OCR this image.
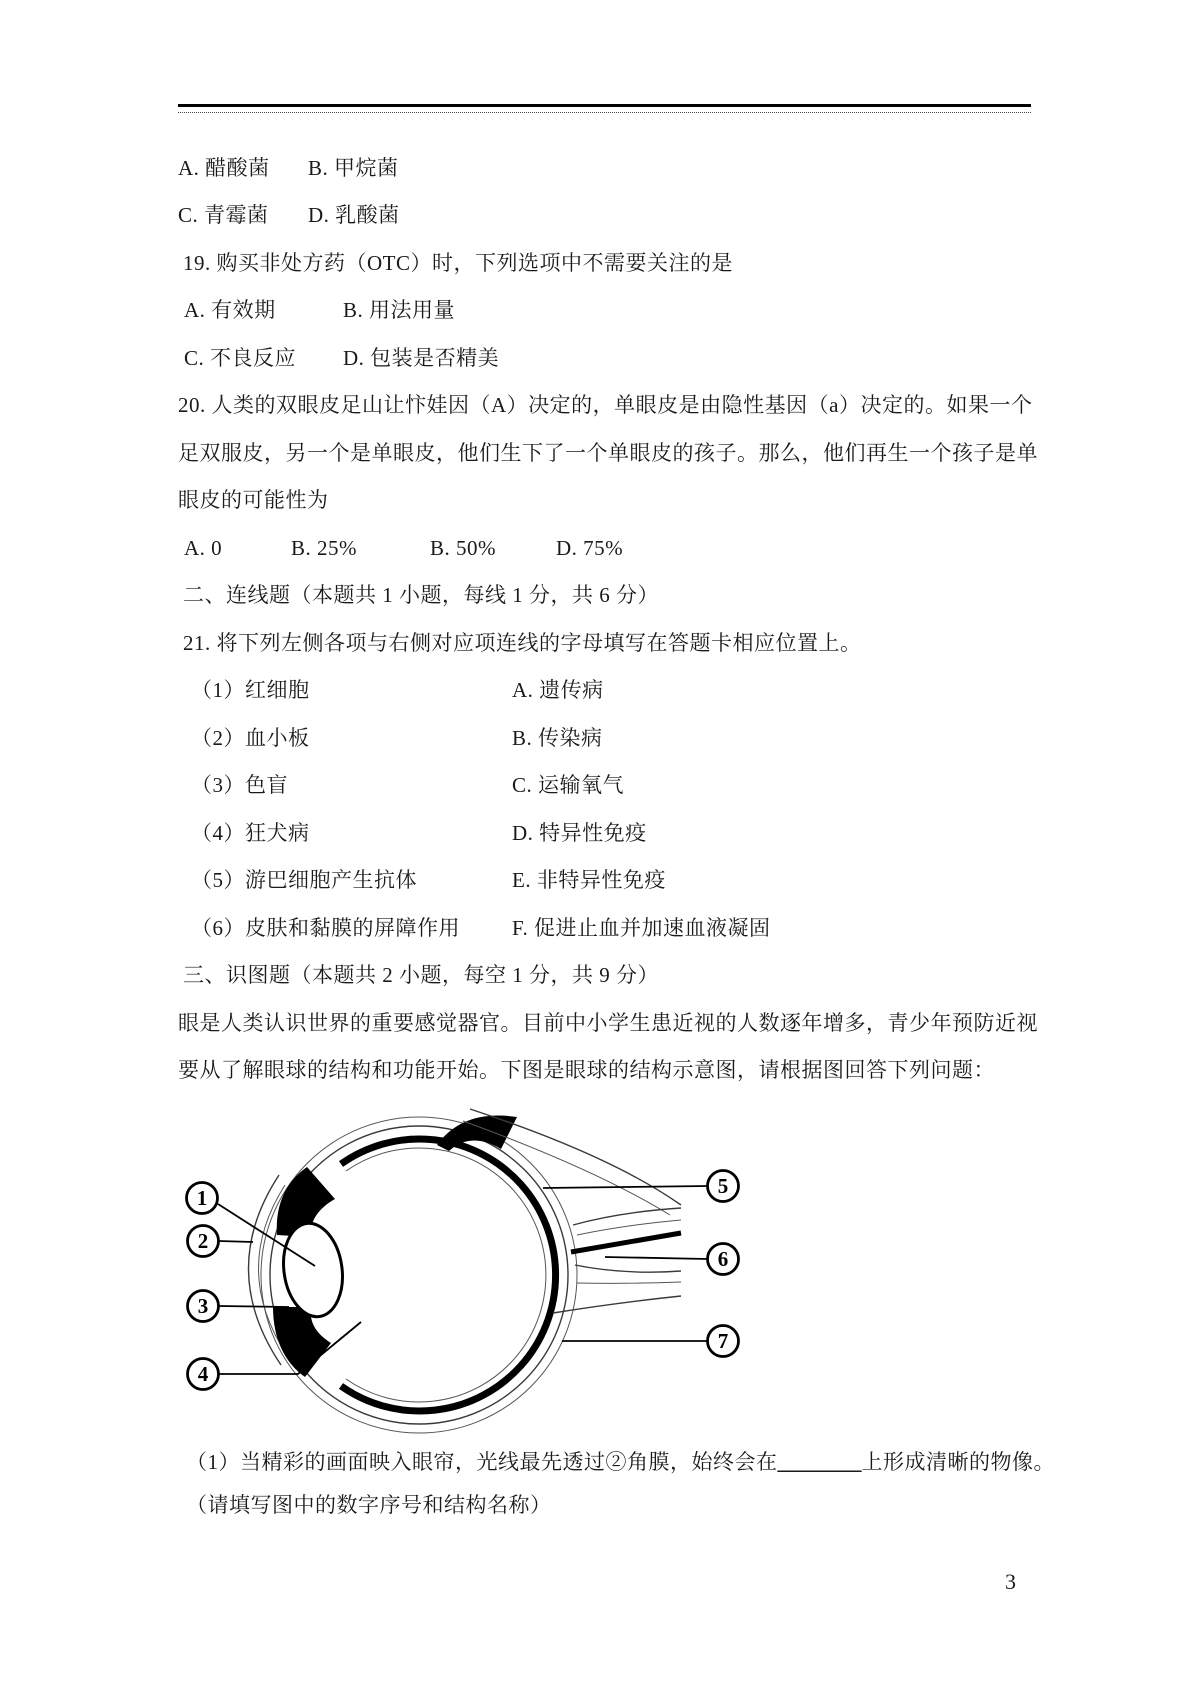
A. 醋酸菌 B. 甲烷菌
C. 青霉菌 D. 乳酸菌
19. 购买非处方药（OTC）时，下列选项中不需要关注的是
A. 有效期	B. 用法用量
C. 不良反应 D. 包装是否精美
20. 人类的双眼皮足山让忭娃因（A）决定的，单眼皮是由隐性基因（a）决定的。如果一个
足双服皮，另一个是单眼皮，他们生下了一个单眼皮的孩子。那么，他们再生一个孩子是单
眼皮的可能性为
A. 0	B. 25%	B. 50%	D. 75%
二、连线题（本题共 1 小题，每线 1 分，共 6 分）
21. 将下列左侧各项与右侧对应项连线的字母填写在答题卡相应位置上。
（1）红细胞	A. 遗传病
（2）血小板	B. 传染病
（3）色盲	C. 运输氧气
（4）狂犬病	D. 特异性免疫
（5）游巴细胞产生抗体	E. 非特异性免疫
（6）皮肤和黏膜的屏障作用 F. 促进止血并加速血液凝固
三、识图题（本题共 2 小题，每空 1 分，共 9 分）
眼是人类认识世界的重要感觉器官。目前中小学生患近视的人数逐年增多，青少年预防近视
要从了解眼球的结构和功能开始。下图是眼球的结构示意图，请根据图回答下列问题：
1
2
3
4
5
6
7
（1）当精彩的画面映入眼帘，光线最先透过②角膜，始终会在________上形成清晰的物像。
（请填写图中的数字序号和结构名称）
3
